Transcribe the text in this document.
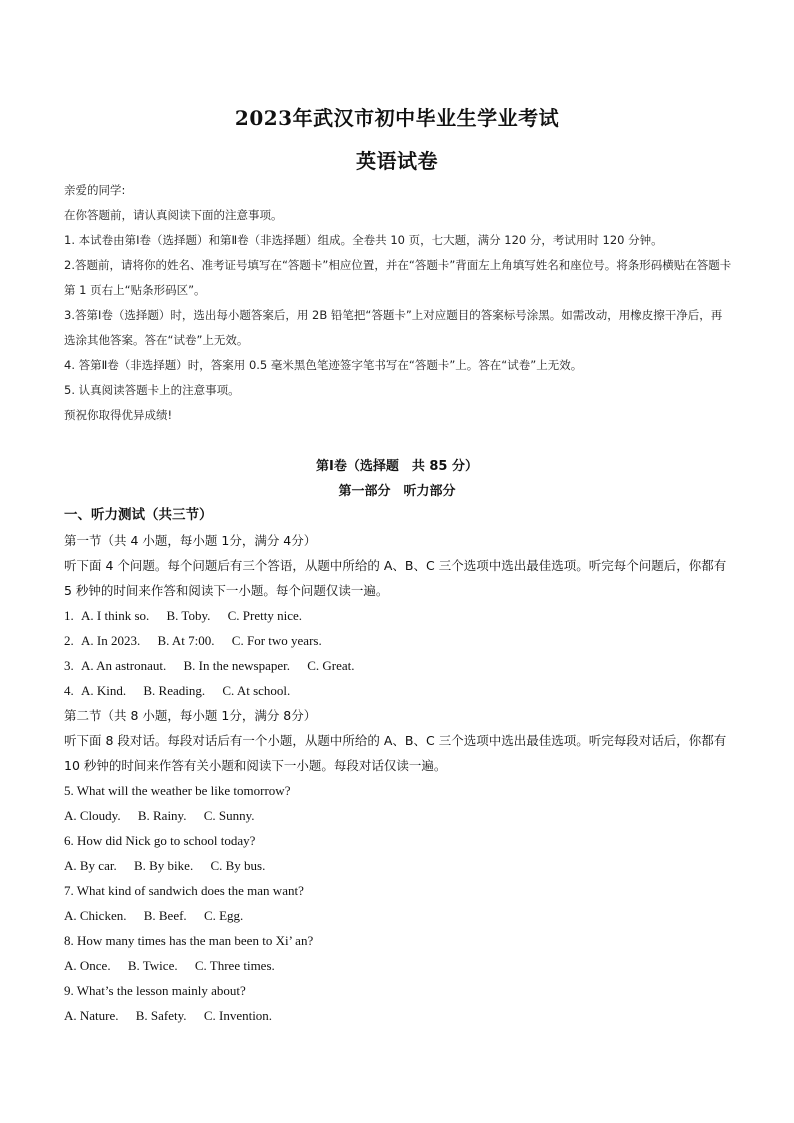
2023年武汉市初中毕业生学业考试
英语试卷

亲爱的同学:

在你答题前，请认真阅读下面的注意事项。

1. 本试卷由第Ⅰ卷（选择题）和第Ⅱ卷（非选择题）组成。全卷共 10 页，七大题，满分 120 分，考试用时 120 分钟。

2.答题前，请将你的姓名、准考证号填写在“答题卡”相应位置，并在“答题卡”背面左上角填写姓名和座位号。将条形码横贴在答题卡第 1 页右上“贴条形码区”。

3.答第Ⅰ卷（选择题）时，选出每小题答案后，用 2B 铅笔把“答题卡”上对应题目的答案标号涂黑。如需改动，用橡皮擦干净后，再选涂其他答案。答在“试卷”上无效。

4. 答第Ⅱ卷（非选择题）时，答案用 0.5 毫米黑色笔迹签字笔书写在“答题卡”上。答在“试卷”上无效。

5. 认真阅读答题卡上的注意事项。

预祝你取得优异成绩!

第Ⅰ卷（选择题　共 85 分）
第一部分　听力部分

一、听力测试（共三节）

第一节（共 4 小题，每小题 1分，满分 4分）

听下面 4 个问题。每个问题后有三个答语，从题中所给的 A、B、C 三个选项中选出最佳选项。听完每个问题后，你都有 5 秒钟的时间来作答和阅读下一小题。每个问题仅读一遍。

1. A. I think so. B. Toby. C. Pretty nice.

2. A. In 2023. B. At 7:00. C. For two years.

3. A. An astronaut. B. In the newspaper. C. Great.

4. A. Kind. B. Reading. C. At school.

第二节（共 8 小题，每小题 1分，满分 8分）

听下面 8 段对话。每段对话后有一个小题，从题中所给的 A、B、C 三个选项中选出最佳选项。听完每段对话后，你都有 10 秒钟的时间来作答有关小题和阅读下一小题。每段对话仅读一遍。

5. What will the weather be like tomorrow?

A. Cloudy. B. Rainy. C. Sunny.

6. How did Nick go to school today?

A. By car. B. By bike. C. By bus.

7. What kind of sandwich does the man want?

A. Chicken. B. Beef. C. Egg.

8. How many times has the man been to Xi’ an?

A. Once. B. Twice. C. Three times.

9. What’s the lesson mainly about?

A. Nature. B. Safety. C. Invention.
